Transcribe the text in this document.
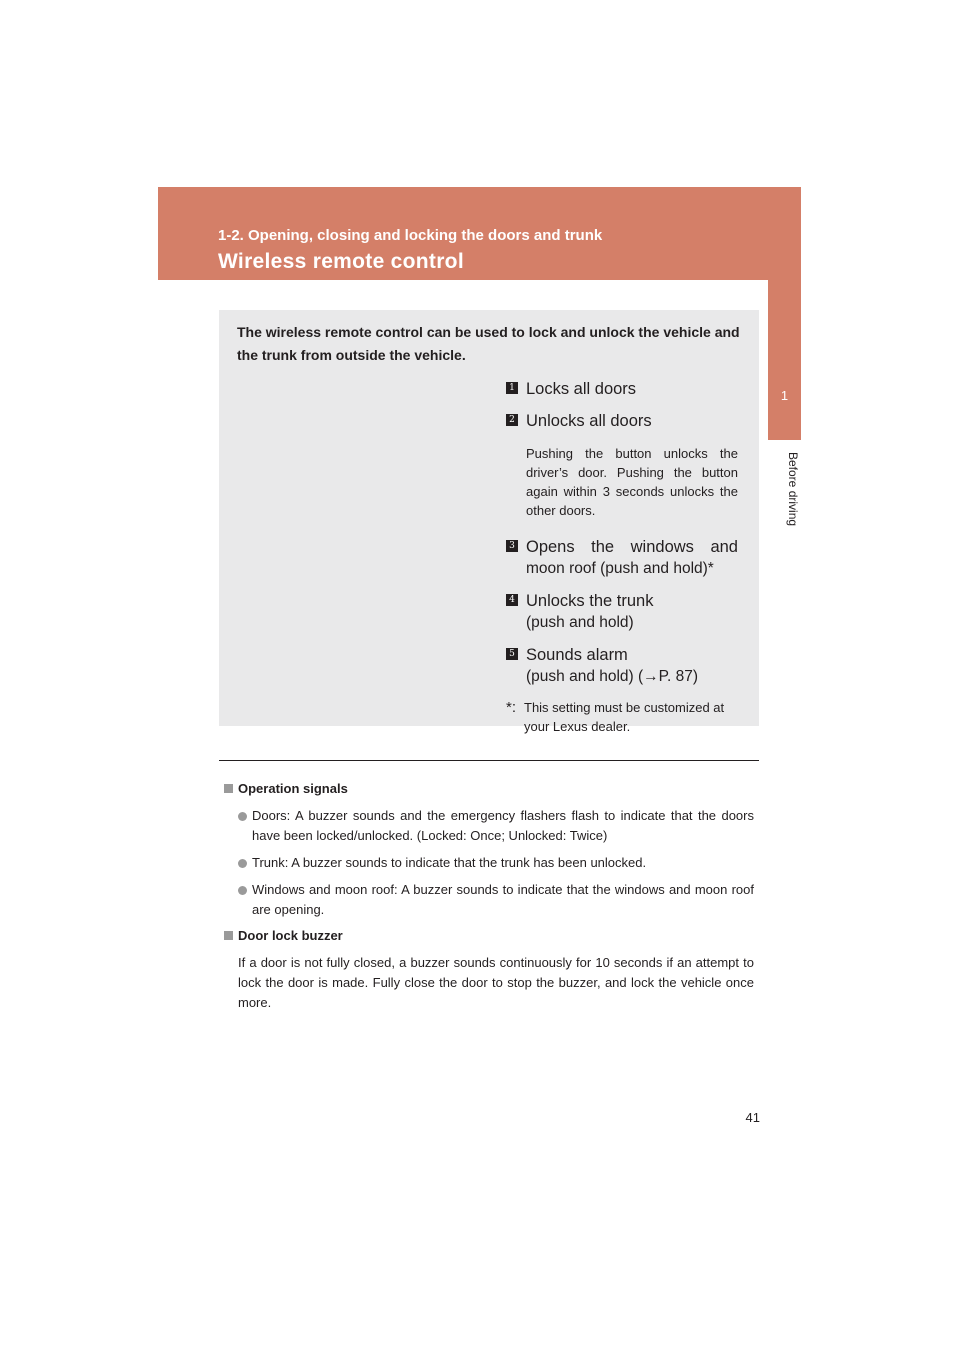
1-2. Opening, closing and locking the doors and trunk

Wireless remote control
1
Before driving

The wireless remote control can be used to lock and unlock the vehicle and the trunk from outside the vehicle.

1 Locks all doors
2 Unlocks all doors
Pushing the button unlocks the driver’s door. Pushing the button again within 3 seconds unlocks the other doors.
3 Opens the windows and
moon roof (push and hold)*
4 Unlocks the trunk
(push and hold)
5 Sounds alarm
(push and hold) (→P. 87)
*: This setting must be customized at your Lexus dealer.
Operation signals
Doors: A buzzer sounds and the emergency flashers flash to indicate that the doors have been locked/unlocked. (Locked: Once; Unlocked: Twice)
Trunk: A buzzer sounds to indicate that the trunk has been unlocked.
Windows and moon roof: A buzzer sounds to indicate that the windows and moon roof are opening.
Door lock buzzer
If a door is not fully closed, a buzzer sounds continuously for 10 seconds if an attempt to lock the door is made. Fully close the door to stop the buzzer, and lock the vehicle once more.
41
